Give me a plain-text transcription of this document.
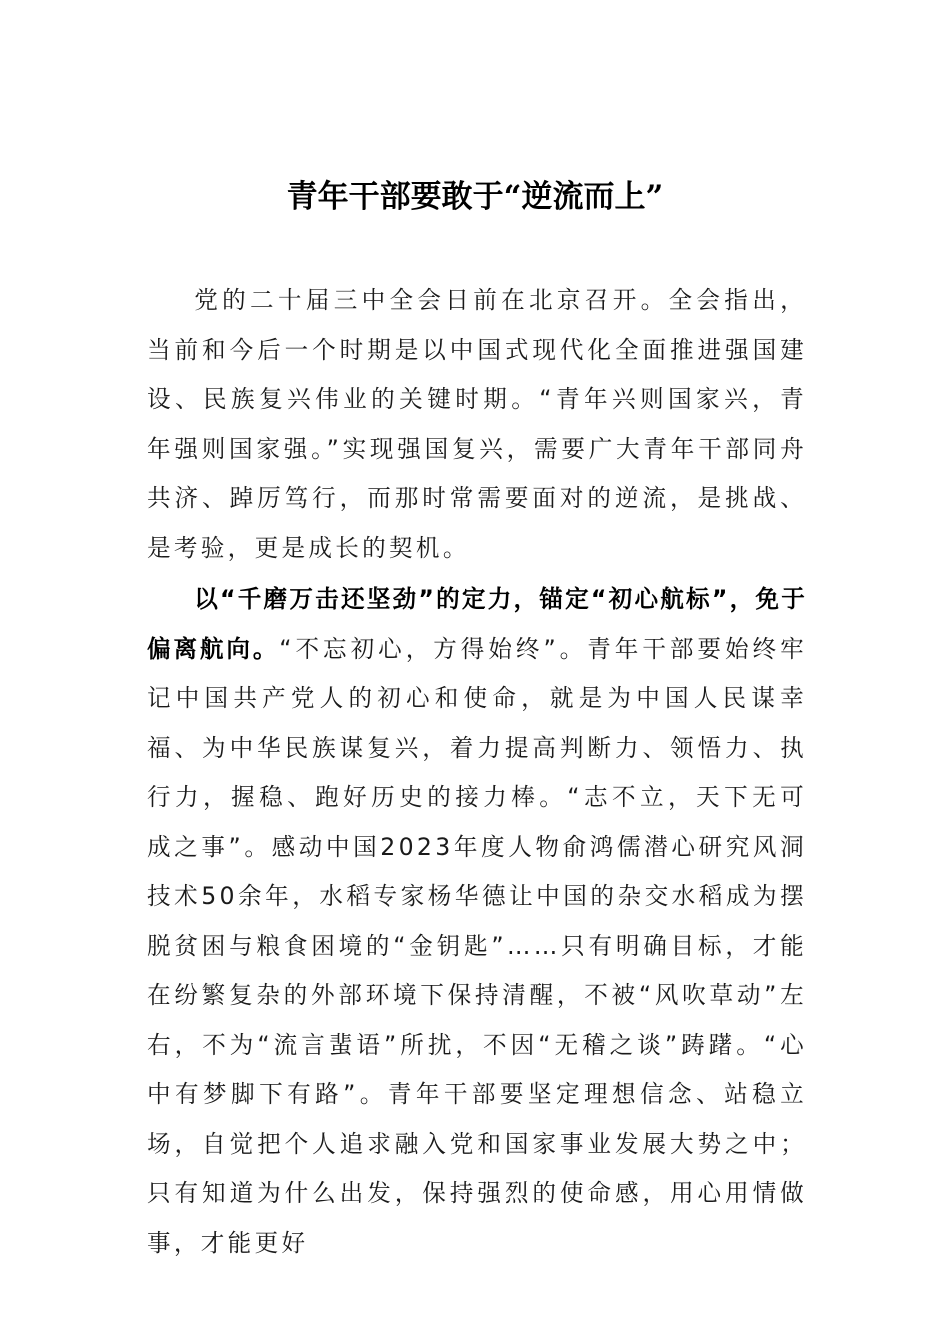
青年干部要敢于“逆流而上”

党的二十届三中全会日前在北京召开。全会指出，当前和今后一个时期是以中国式现代化全面推进强国建设、民族复兴伟业的关键时期。“青年兴则国家兴，青年强则国家强。”实现强国复兴，需要广大青年干部同舟共济、踔厉笃行，而那时常需要面对的逆流，是挑战、是考验，更是成长的契机。

以“千磨万击还坚劲”的定力，锚定“初心航标”，免于偏离航向。“不忘初心，方得始终”。青年干部要始终牢记中国共产党人的初心和使命，就是为中国人民谋幸福、为中华民族谋复兴，着力提高判断力、领悟力、执行力，握稳、跑好历史的接力棒。“志不立，天下无可成之事”。感动中国2023年度人物俞鸿儒潜心研究风洞技术50余年，水稻专家杨华德让中国的杂交水稻成为摆脱贫困与粮食困境的“金钥匙”……只有明确目标，才能在纷繁复杂的外部环境下保持清醒，不被“风吹草动”左右，不为“流言蜚语”所扰，不因“无稽之谈”踌躇。“心中有梦脚下有路”。青年干部要坚定理想信念、站稳立场，自觉把个人追求融入党和国家事业发展大势之中；只有知道为什么出发，保持强烈的使命感，用心用情做事，才能更好
